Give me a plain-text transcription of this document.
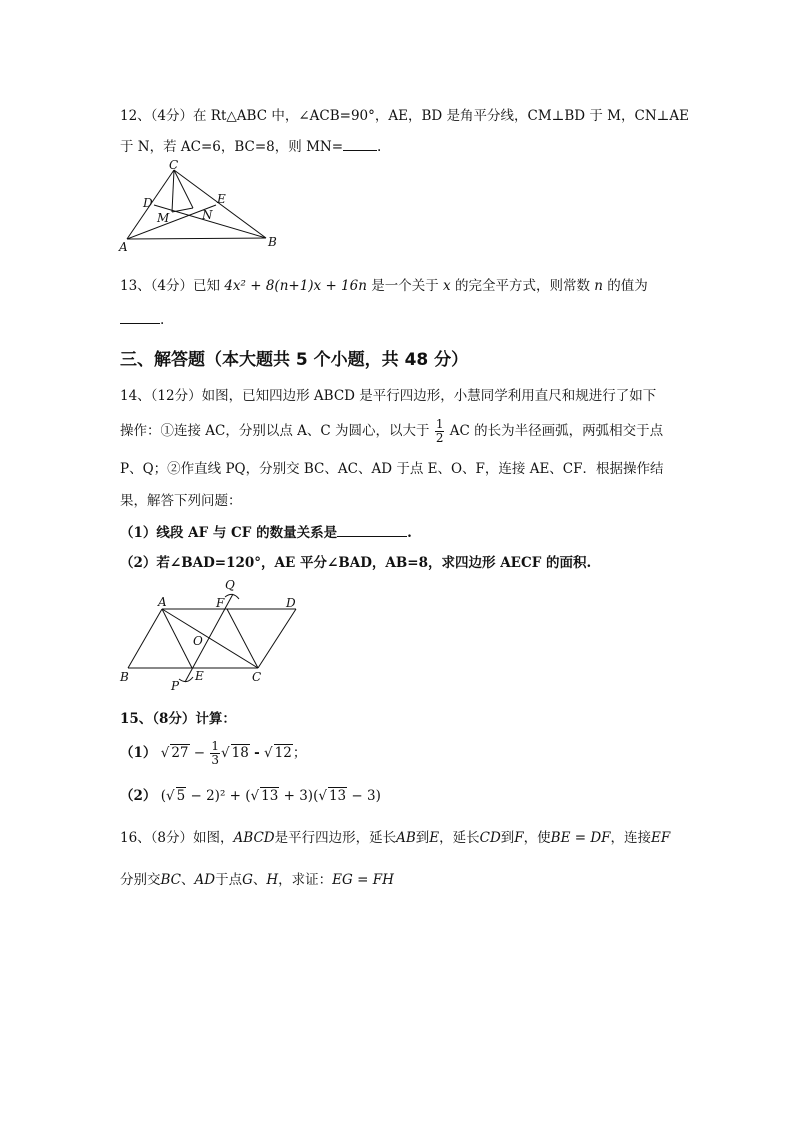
12、（4分）在 Rt△ABC 中，∠ACB=90°，AE，BD 是角平分线，CM⊥BD 于 M，CN⊥AE
于 N，若 AC=6，BC=8，则 MN=	.
C
D	E
M	N
A	B
13、（4分）已知 4x² + 8(n+1)x + 16n 是一个关于 x 的完全平方式，则常数 n 的值为
.
三、解答题（本大题共 5 个小题，共 48 分）
14、（12分）如图，已知四边形 ABCD 是平行四边形，小慧同学利用直尺和规进行了如下
操作：①连接 AC，分别以点 A、C 为圆心，以大于 $\frac{1}{2}$ AC 的长为半径画弧，两弧相交于点
P、Q；②作直线 PQ，分别交 BC、AC、AD 于点 E、O、F，连接 AE、CF．根据操作结
果，解答下列问题：
（1）线段 AF 与 CF 的数量关系是	.
（2）若∠BAD=120°，AE 平分∠BAD，AB=8，求四边形 AECF 的面积.
Q
A	F	D
O
B	E	C
P
15、（8分）计算：
（1） √ $27 - \frac{1}{3}$ √ 18 - √ 12；
（2） (√ 5 − 2)² + (√ 13 + 3)(√ 13 − 3)
16、（8分）如图，ABCD是平行四边形，延长AB到E，延长CD到F，使BE = DF，连接EF
分别交BC、AD于点G、H，求证：EG = FH
